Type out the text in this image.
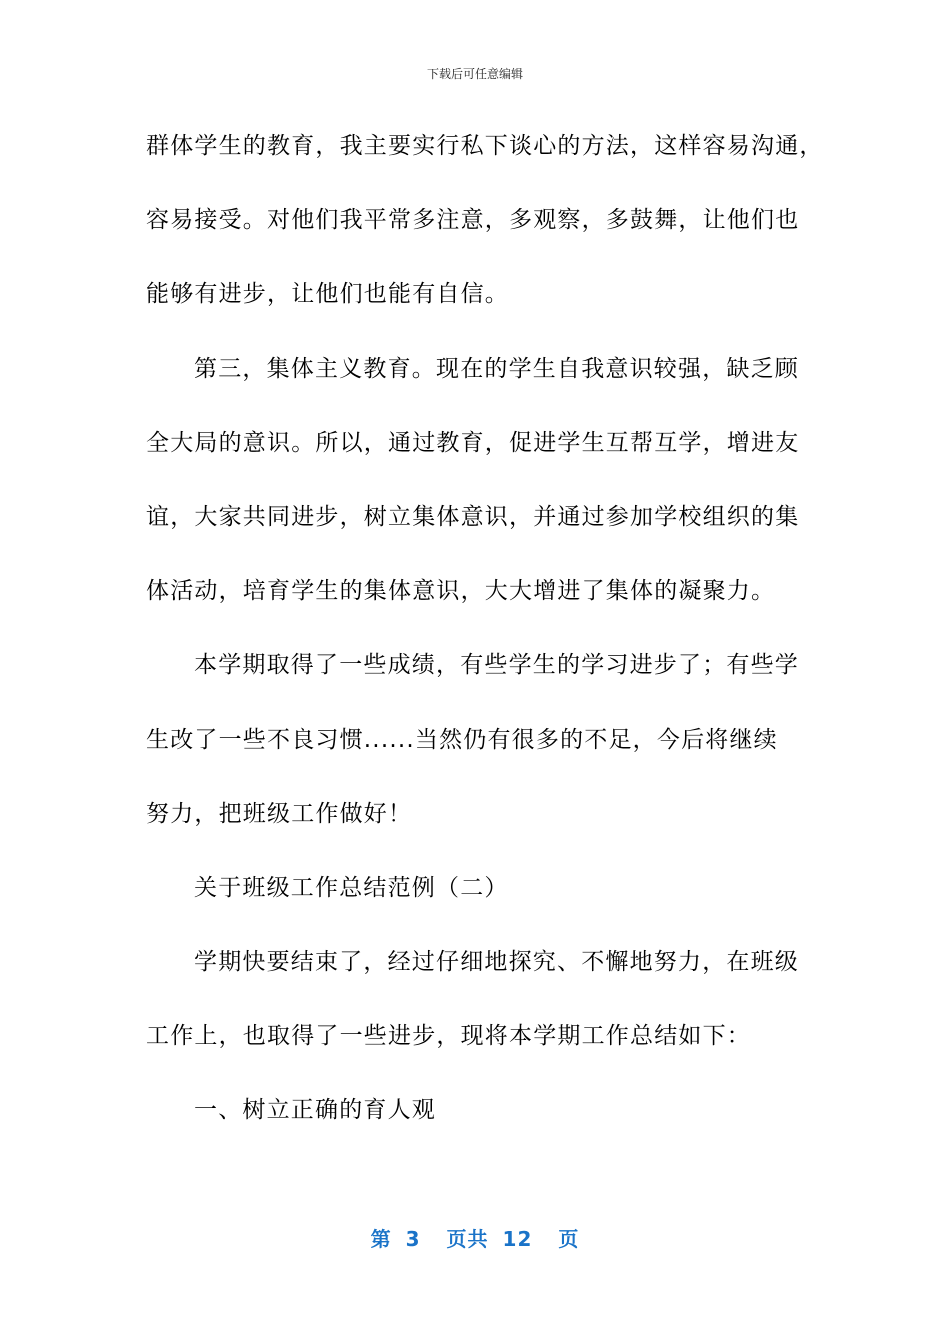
下载后可任意编辑
群体学生的教育，我主要实行私下谈心的方法，这样容易沟通，
容易接受。对他们我平常多注意，多观察，多鼓舞，让他们也
能够有进步，让他们也能有自信。
第三，集体主义教育。现在的学生自我意识较强，缺乏顾
全大局的意识。所以，通过教育，促进学生互帮互学，增进友
谊，大家共同进步，树立集体意识，并通过参加学校组织的集
体活动，培育学生的集体意识，大大增进了集体的凝聚力。
本学期取得了一些成绩，有些学生的学习进步了；有些学
生改了一些不良习惯......当然仍有很多的不足，今后将继续
努力，把班级工作做好！
关于班级工作总结范例（二）
学期快要结束了，经过仔细地探究、不懈地努力，在班级
工作上，也取得了一些进步，现将本学期工作总结如下：
一、树立正确的育人观
第 3 页共 12 页
